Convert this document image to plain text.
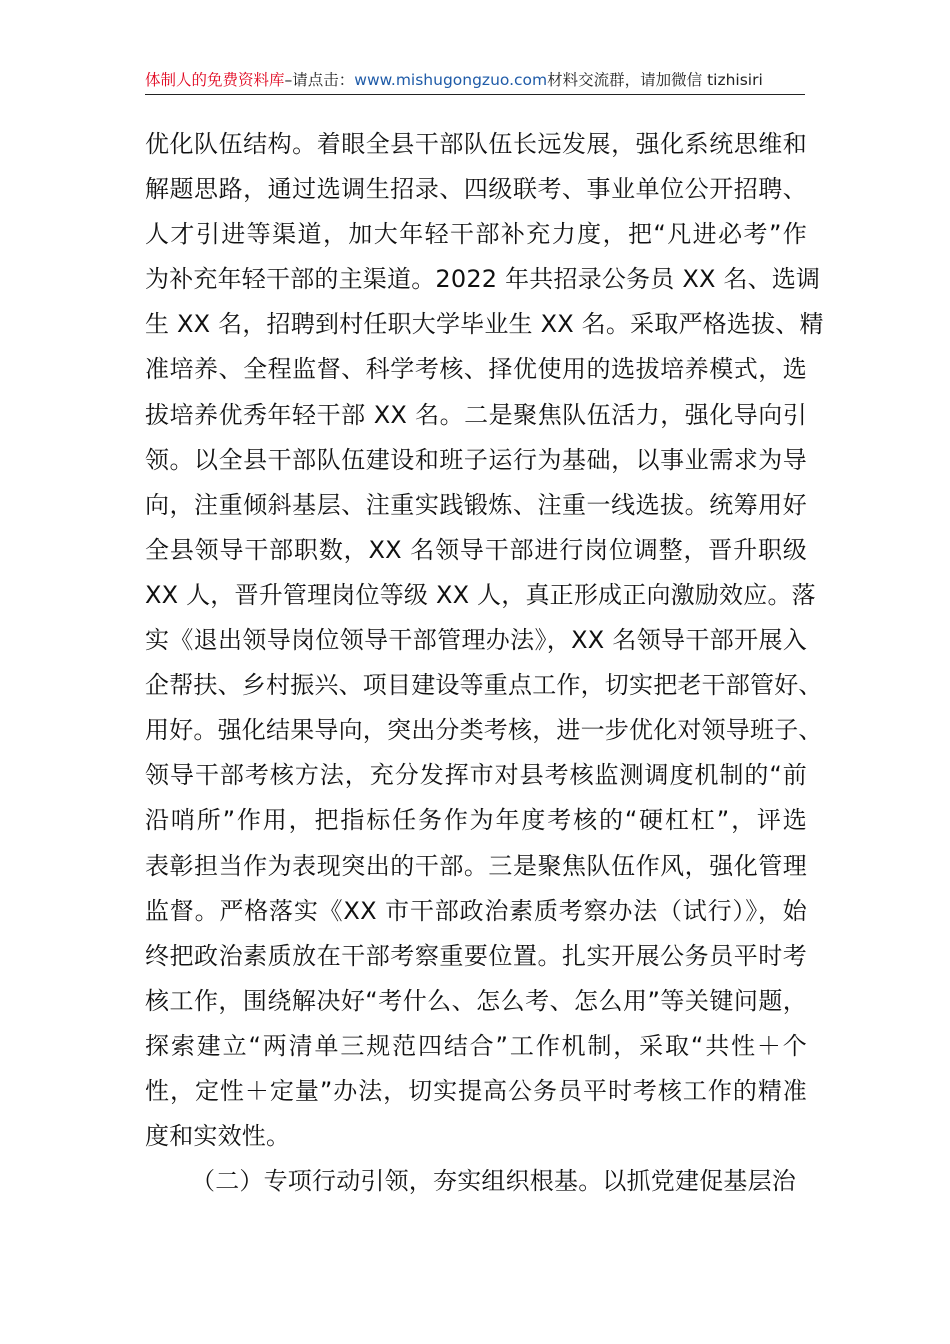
体制人的免费资料库–请点击：www.mishugongzuo.com材料交流群，请加微信 tizhisiri
优化队伍结构。着眼全县干部队伍长远发展，强化系统思维和
解题思路，通过选调生招录、四级联考、事业单位公开招聘、
人才引进等渠道，加大年轻干部补充力度，把“凡进必考”作
为补充年轻干部的主渠道。2022 年共招录公务员 XX 名、选调
生 XX 名，招聘到村任职大学毕业生 XX 名。采取严格选拔、精
准培养、全程监督、科学考核、择优使用的选拔培养模式，选
拔培养优秀年轻干部 XX 名。二是聚焦队伍活力，强化导向引
领。以全县干部队伍建设和班子运行为基础，以事业需求为导
向，注重倾斜基层、注重实践锻炼、注重一线选拔。统筹用好
全县领导干部职数，XX 名领导干部进行岗位调整，晋升职级
XX 人，晋升管理岗位等级 XX 人，真正形成正向激励效应。落
实《退出领导岗位领导干部管理办法》，XX 名领导干部开展入
企帮扶、乡村振兴、项目建设等重点工作，切实把老干部管好、
用好。强化结果导向，突出分类考核，进一步优化对领导班子、
领导干部考核方法，充分发挥市对县考核监测调度机制的“前
沿哨所”作用，把指标任务作为年度考核的“硬杠杠”，评选
表彰担当作为表现突出的干部。三是聚焦队伍作风，强化管理
监督。严格落实《XX 市干部政治素质考察办法（试行）》，始
终把政治素质放在干部考察重要位置。扎实开展公务员平时考
核工作，围绕解决好“考什么、怎么考、怎么用”等关键问题，
探索建立“两清单三规范四结合”工作机制，采取“共性＋个
性，定性＋定量”办法，切实提高公务员平时考核工作的精准
度和实效性。
（二）专项行动引领，夯实组织根基。以抓党建促基层治
